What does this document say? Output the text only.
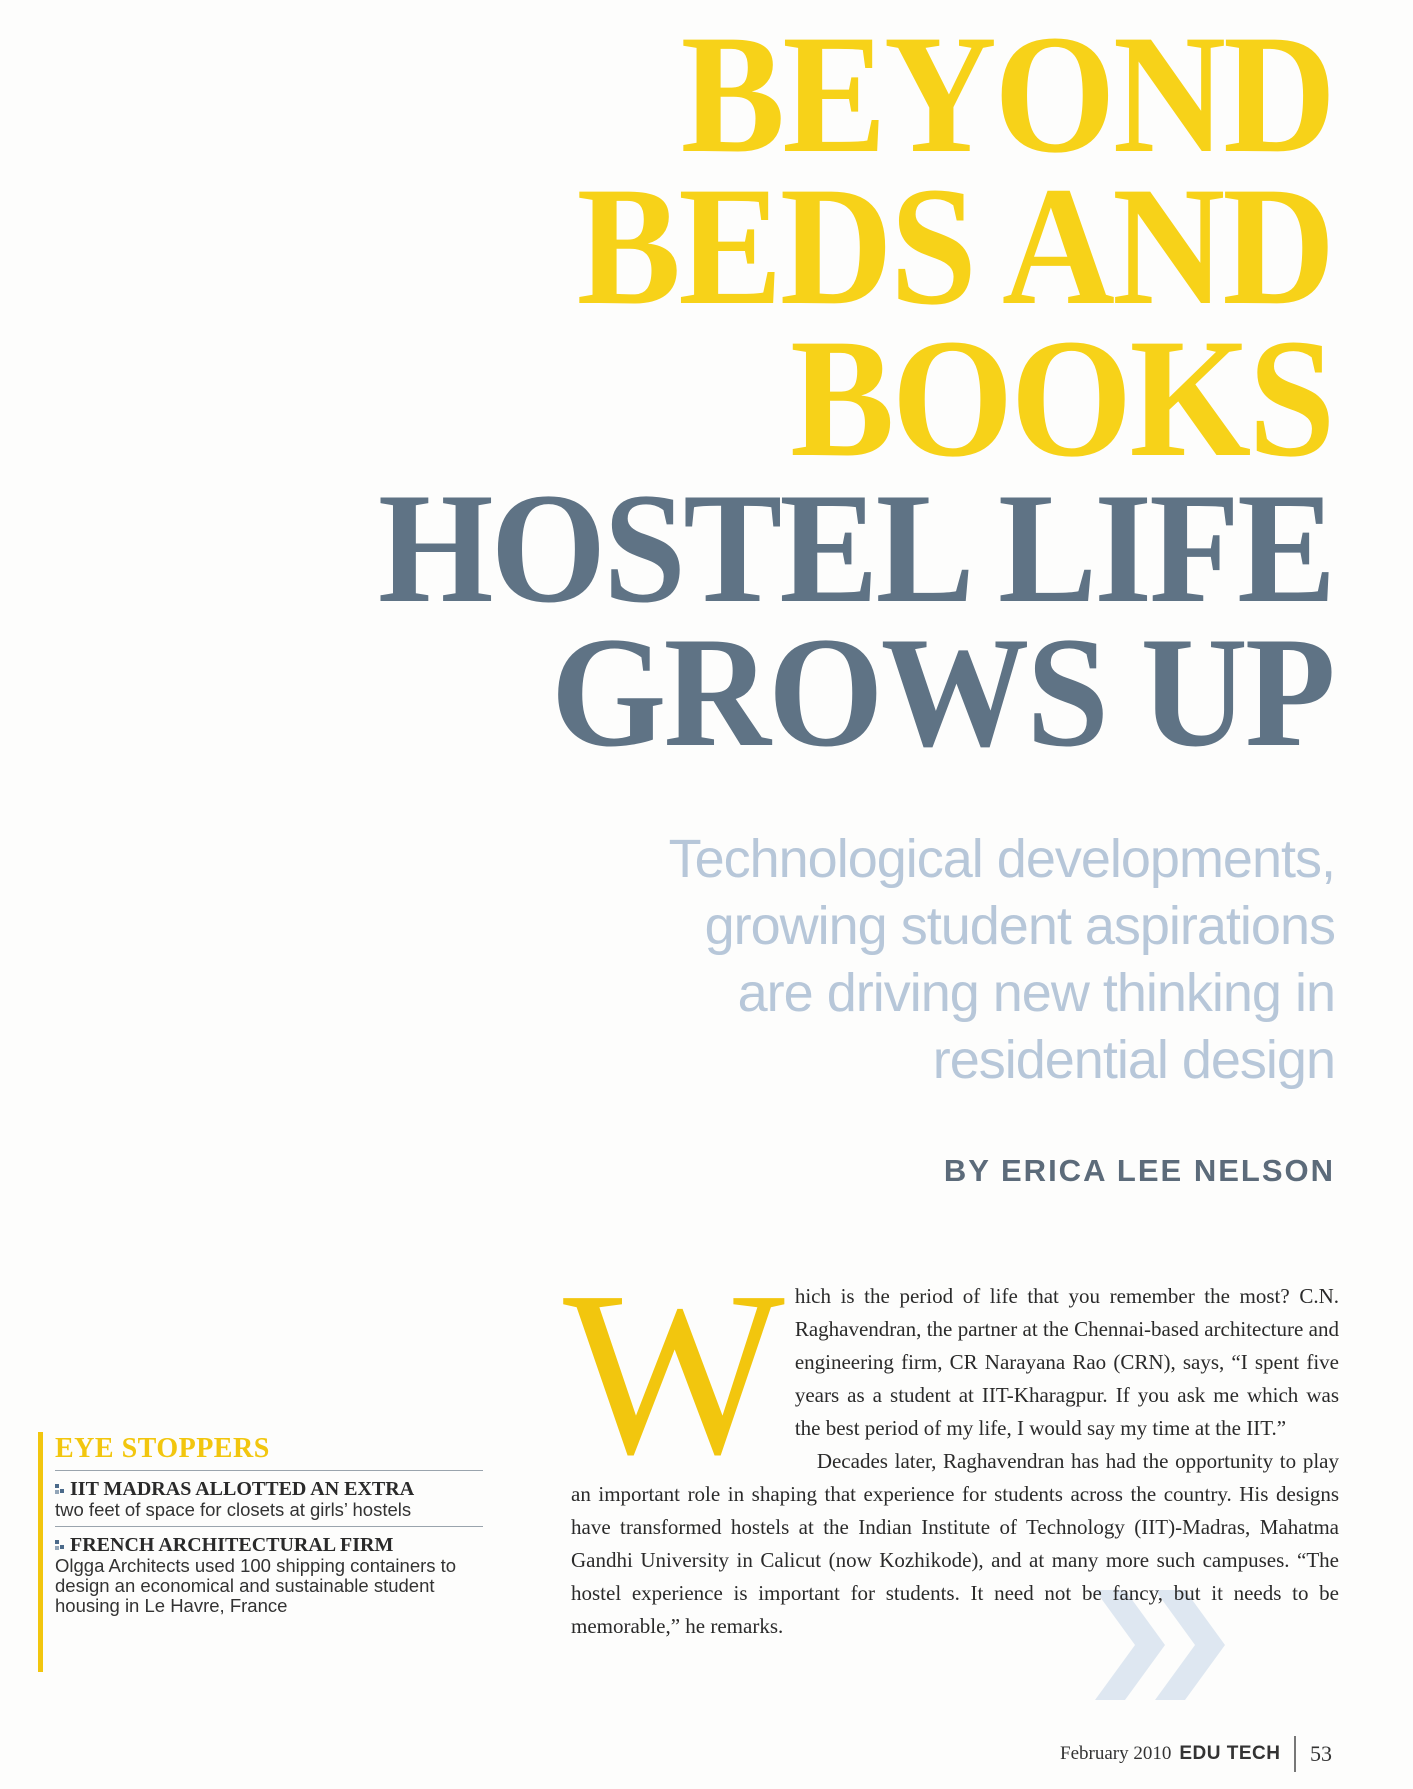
BEYOND
BEDS AND
BOOKS
HOSTEL LIFE
GROWS UP
Technological developments,
growing student aspirations
are driving new thinking in
residential design
BY ERICA LEE NELSON
W hich is the period of life that you remember the most? C.N. Raghavendran, the partner at the Chennai-based architecture and engineering firm, CR Narayana Rao (CRN), says, “I spent five years as a student at IIT-Kharagpur. If you ask me which was the best period of my life, I would say my time at the IIT.”

Decades later, Raghavendran has had the opportunity to play an important role in shaping that experience for students across the country. His designs have transformed hostels at the Indian Institute of Technology (IIT)-Madras, Mahatma Gandhi University in Calicut (now Kozhikode), and at many more such campuses. “The hostel experience is important for students. It need not be fancy, but it needs to be memorable,” he remarks.

EYE STOPPERS
IIT MADRAS ALLOTTED AN EXTRA
two feet of space for closets at girls’ hostels
FRENCH ARCHITECTURAL FIRM
Olgga Architects used 100 shipping containers to design an economical and sustainable student housing in Le Havre, France
February 2010 EDU TECH 53
